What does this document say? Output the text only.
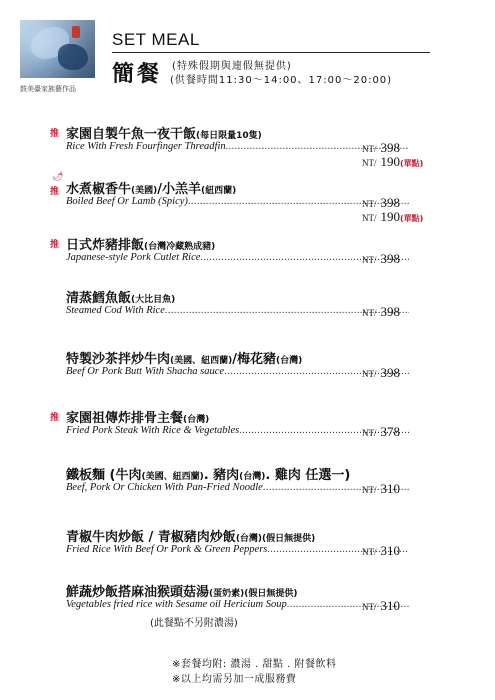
鼓美臺家族藝作品
SET MEAL
簡餐 (特殊假期與連假無提供)
(供餐時間11:30～14:00、17:00～20:00)
推 家園自製午魚一夜干飯(每日限量10隻)
Rice With Fresh Fourfinger Threadfin .....	NT/ 398
NT/ 190(單點)
🌶
推 水煮椒香牛(美國)/小羔羊(紐西蘭)
Boiled Beef Or Lamb (Spicy) .....	NT/ 398
NT/ 190(單點)
推 日式炸豬排飯(台灣冷藏熟成豬)
Japanese-style Pork Cutlet Rice .....	NT/ 398
清蒸鱈魚飯(大比目魚)
Steamed Cod With Rice .....	NT/ 398
特製沙茶拌炒牛肉(美國、紐西蘭)/梅花豬(台灣)
Beef Or Pork Butt With Shacha sauce .....	NT/ 398
推 家園祖傳炸排骨主餐(台灣)
Fried Pork Steak With Rice & Vegetables .....	NT/ 378
鐵板麵 (牛肉(美國、紐西蘭). 豬肉(台灣). 雞肉 任選一)
Beef, Pork Or Chicken With Pan-Fried Noodle .....	NT/ 310
青椒牛肉炒飯 / 青椒豬肉炒飯(台灣)(假日無提供)
Fried Rice With Beef Or Pork & Green Peppers .....	NT/ 310
鮮蔬炒飯搭麻油猴頭菇湯(蛋奶素)(假日無提供)
Vegetables fried rice with Sesame oil Hericium Soup .....	NT/ 310
(此餐點不另附濃湯)
※套餐均附: 濃湯 . 甜點 . 附餐飲料
※以上均需另加一成服務費
